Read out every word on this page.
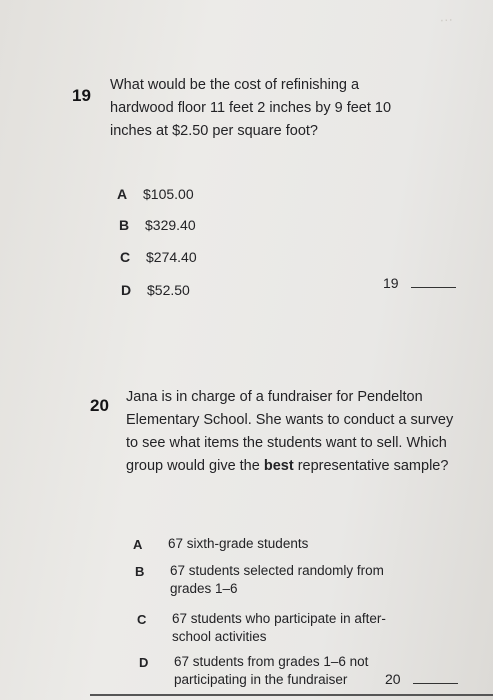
…
19
What would be the cost of refinishing a hardwood floor 11 feet 2 inches by 9 feet 10 inches at $2.50 per square foot?
A $105.00
B $329.40
C $274.40
D $52.50	19
20 Jana is in charge of a fundraiser for Pendelton Elementary School. She wants to conduct a survey to see what items the students want to sell. Which group would give the best representative sample?
A 67 sixth-grade students
B 67 students selected randomly from grades 1–6
C 67 students who participate in after-school activities
D 67 students from grades 1–6 not participating in the fundraiser	20
